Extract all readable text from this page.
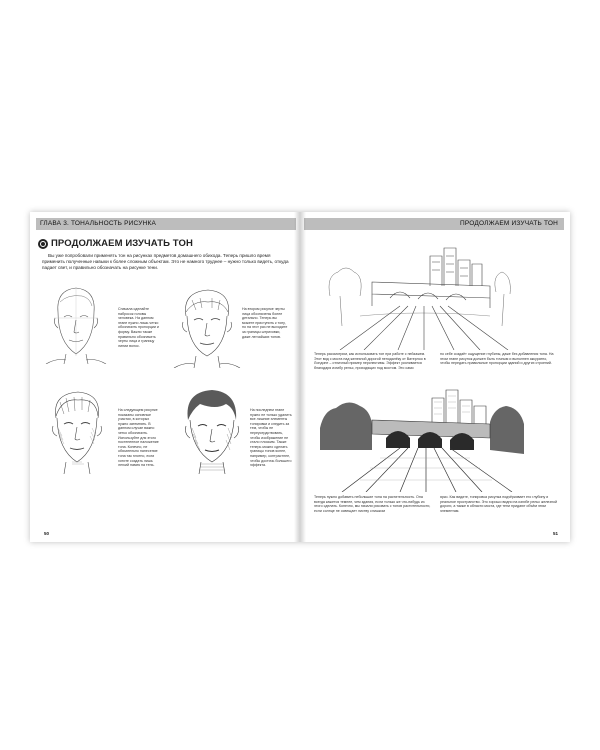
ГЛАВА 3. ТОНАЛЬНОСТЬ РИСУНКА
ПРОДОЛЖАЕМ ИЗУЧАТЬ ТОН
Вы уже попробовали применять тон на рисунках предметов домашнего обихода. Теперь пришло время применить полученные навыки к более сложным объектам. Это не намного труднее – нужно только видеть, откуда падает свет, и правильно обозначать на рисунке тени.
Сначала сделайте набросок головы человека. На данном этапе нужно лишь четко обозначить пропорции и форму. Важно также правильно обозначить черты лица и границу линии волос.
На втором рисунке черты лица обозначены более детально. Теперь вы можете приступить к тону, но на этот раз не выходите за границы штриховки, даже легчайших тонов.
На следующем рисунке показаны основные участки, в которых нужно затемнять. В данном случае важно четко обозначить. Используйте для этого постепенное наложение тона. Конечно, не обязательно нанесение тона так плотно, если хотите создать лишь легкий намек на тень.
На последнем этапе нужно не только удалить все лишние элементы тонировки и следить за тем, чтобы не переусердствовать, чтобы изображение не стало плоским. Также теперь можно сделать границы тонов яснее, например, контрастнее, чтобы достичь большего эффекта.
50
ПРОДОЛЖАЕМ ИЗУЧАТЬ ТОН
Теперь рассмотрим, как использовать тон при работе с пейзажем. Этот вид с моста над железной дорогой неподалёку от Ватерлоо в Лондоне – отличный пример перспективы. Эффект усиливается благодаря изгибу рельс, проходящих под мостом. Это само
по себе создаёт ощущение глубины, даже без добавления тона. На этом этапе рисунок должен быть точным и выполнен аккуратно, чтобы передать правильные пропорции зданий и других строений.
Теперь нужно добавить небольшие тона на растительность. Она всегда кажется темнее, чем здания, если только же что-нибудь из этого сделать. Конечно, мы начали рисовать с тонов растительности, если солнце не освещает листву слишком
ярко. Как видите, тонировка рисунка подчёркивает его глубину и реальное пространство. Это хорошо видно на изгибе рельс железной дороги, а также в области моста, где тени придают объём этим элементам.
51
